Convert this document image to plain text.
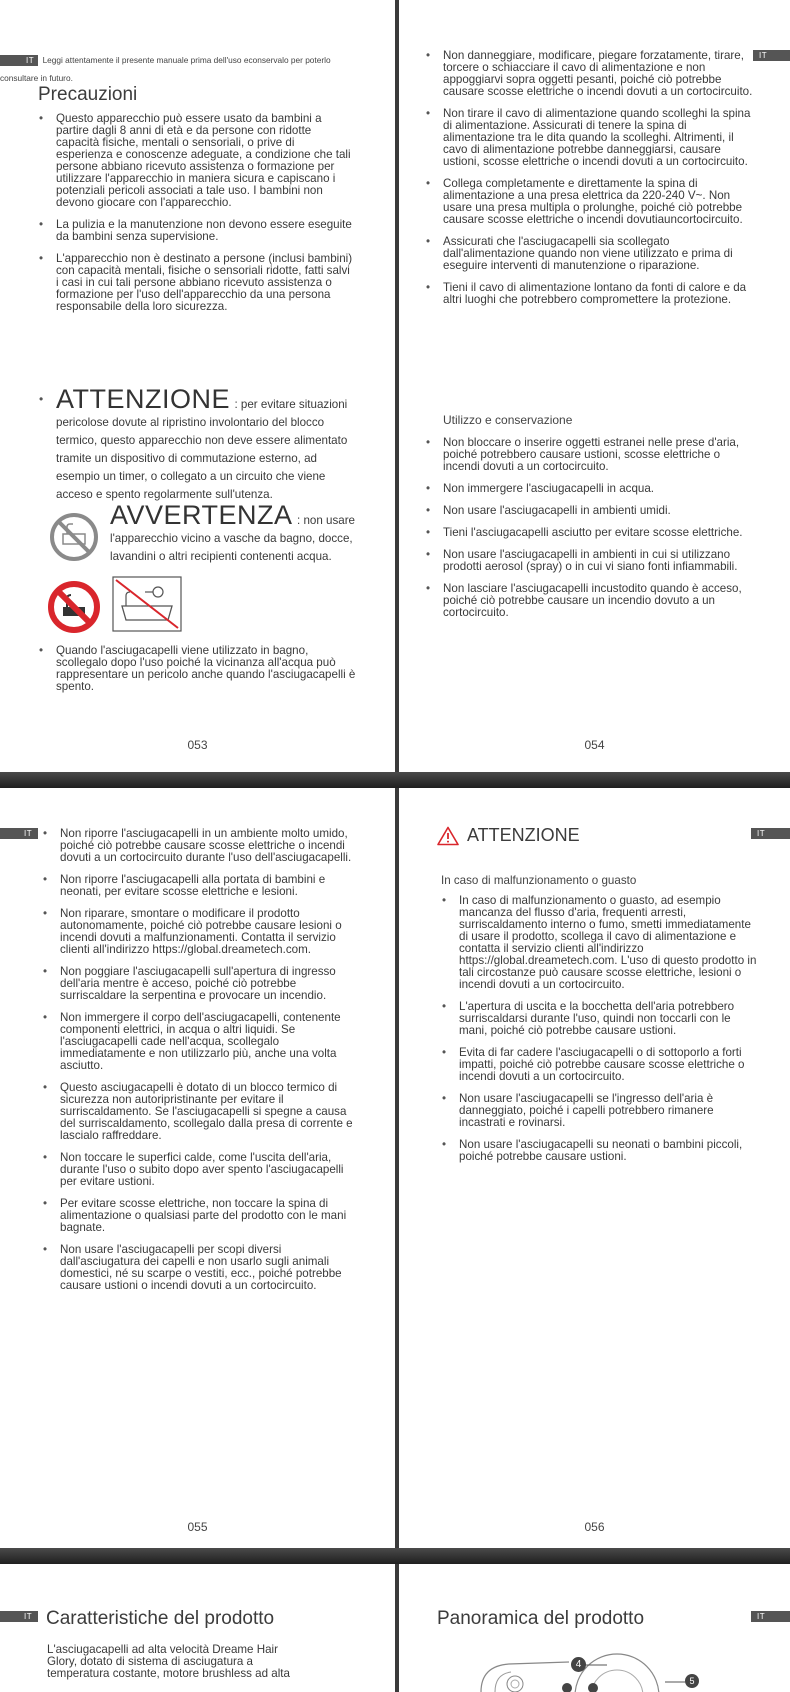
IT Leggi attentamente il presente manuale prima dell'uso econservalo per poterlo consultare in futuro.
Precauzioni
• Questo apparecchio può essere usato da bambini a partire dagli 8 anni di età e da persone con ridotte capacità fisiche, mentali o sensoriali, o prive di esperienza e conoscenze adeguate, a condizione che tali persone abbiano ricevuto assistenza o formazione per utilizzare l'apparecchio in maniera sicura e capiscano i potenziali pericoli associati a tale uso. I bambini non devono giocare con l'apparecchio.
• La pulizia e la manutenzione non devono essere eseguite da bambini senza supervisione.
• L'apparecchio non è destinato a persone (inclusi bambini) con capacità mentali, fisiche o sensoriali ridotte, fatti salvi i casi in cui tali persone abbiano ricevuto assistenza o formazione per l'uso dell'apparecchio da una persona responsabile della loro sicurezza.
• ATTENZIONE : per evitare situazioni pericolose dovute al ripristino involontario del blocco termico, questo apparecchio non deve essere alimentato tramite un dispositivo di commutazione esterno, ad esempio un timer, o collegato a un circuito che viene acceso e spento regolarmente sull'utenza.
AVVERTENZA : non usare l'apparecchio vicino a vasche da bagno, docce, lavandini o altri recipienti contenenti acqua.
• Quando l'asciugacapelli viene utilizzato in bagno, scollegalo dopo l'uso poiché la vicinanza all'acqua può rappresentare un pericolo anche quando l'asciugacapelli è spento.
053
IT
• Non danneggiare, modificare, piegare forzatamente, tirare, torcere o schiacciare il cavo di alimentazione e non appoggiarvi sopra oggetti pesanti, poiché ciò potrebbe causare scosse elettriche o incendi dovuti a un cortocircuito.
• Non tirare il cavo di alimentazione quando scolleghi la spina di alimentazione. Assicurati di tenere la spina di alimentazione tra le dita quando la scolleghi. Altrimenti, il cavo di alimentazione potrebbe danneggiarsi, causare ustioni, scosse elettriche o incendi dovuti a un cortocircuito.
• Collega completamente e direttamente la spina di alimentazione a una presa elettrica da 220-240 V~. Non usare una presa multipla o prolunghe, poiché ciò potrebbe causare scosse elettriche o incendi dovutiauncortocircuito.
• Assicurati che l'asciugacapelli sia scollegato dall'alimentazione quando non viene utilizzato e prima di eseguire interventi di manutenzione o riparazione.
• Tieni il cavo di alimentazione lontano da fonti di calore e da altri luoghi che potrebbero compromettere la protezione.
Utilizzo e conservazione
• Non bloccare o inserire oggetti estranei nelle prese d'aria, poiché potrebbero causare ustioni, scosse elettriche o incendi dovuti a un cortocircuito.
• Non immergere l'asciugacapelli in acqua.
• Non usare l'asciugacapelli in ambienti umidi.
• Tieni l'asciugacapelli asciutto per evitare scosse elettriche.
• Non usare l'asciugacapelli in ambienti in cui si utilizzano prodotti aerosol (spray) o in cui vi siano fonti infiammabili.
• Non lasciare l'asciugacapelli incustodito quando è acceso, poiché ciò potrebbe causare un incendio dovuto a un cortocircuito.
054
IT
•	Non riporre l'asciugacapelli in un ambiente molto umido, poiché ciò potrebbe causare scosse elettriche o incendi dovuti a un cortocircuito durante l'uso dell'asciugacapelli.
• Non riporre l'asciugacapelli alla portata di bambini e neonati, per evitare scosse elettriche e lesioni.
• Non riparare, smontare o modificare il prodotto autonomamente, poiché ciò potrebbe causare lesioni o incendi dovuti a malfunzionamenti. Contatta il servizio clienti all'indirizzo https://global.dreametech.com.
• Non poggiare l'asciugacapelli sull'apertura di ingresso dell'aria mentre è acceso, poiché ciò potrebbe surriscaldare la serpentina e provocare un incendio.
• Non immergere il corpo dell'asciugacapelli, contenente componenti elettrici, in acqua o altri liquidi. Se l'asciugacapelli cade nell'acqua, scollegalo immediatamente e non utilizzarlo più, anche una volta asciutto.
• Questo asciugacapelli è dotato di un blocco termico di sicurezza non autoripristinante per evitare il surriscaldamento. Se l'asciugacapelli si spegne a causa del surriscaldamento, scollegalo dalla presa di corrente e lascialo raffreddare.
• Non toccare le superfici calde, come l'uscita dell'aria, durante l'uso o subito dopo aver spento l'asciugacapelli per evitare ustioni.
• Per evitare scosse elettriche, non toccare la spina di alimentazione o qualsiasi parte del prodotto con le mani bagnate.
• Non usare l'asciugacapelli per scopi diversi dall'asciugatura dei capelli e non usarlo sugli animali domestici, né su scarpe o vestiti, ecc., poiché potrebbe causare ustioni o incendi dovuti a un cortocircuito.
055
IT
ATTENZIONE
In caso di malfunzionamento o guasto
• In caso di malfunzionamento o guasto, ad esempio mancanza del flusso d'aria, frequenti arresti, surriscaldamento interno o fumo, smetti immediatamente di usare il prodotto, scollega il cavo di alimentazione e contatta il servizio clienti all'indirizzo https://global.dreametech.com. L'uso di questo prodotto in tali circostanze può causare scosse elettriche, lesioni o incendi dovuti a un cortocircuito.
• L'apertura di uscita e la bocchetta dell'aria potrebbero surriscaldarsi durante l'uso, quindi non toccarli con le mani, poiché ciò potrebbe causare ustioni.
• Evita di far cadere l'asciugacapelli o di sottoporlo a forti impatti, poiché ciò potrebbe causare scosse elettriche o incendi dovuti a un cortocircuito.
• Non usare l'asciugacapelli se l'ingresso dell'aria è danneggiato, poiché i capelli potrebbero rimanere incastrati e rovinarsi.
• Non usare l'asciugacapelli su neonati o bambini piccoli, poiché potrebbe causare ustioni.
056
IT Caratteristiche del prodotto
L'asciugacapelli ad alta velocità Dreame Hair
Glory, dotato di sistema di asciugatura a
temperatura costante, motore brushless ad alta
IT
Panoramica del prodotto
4
5
